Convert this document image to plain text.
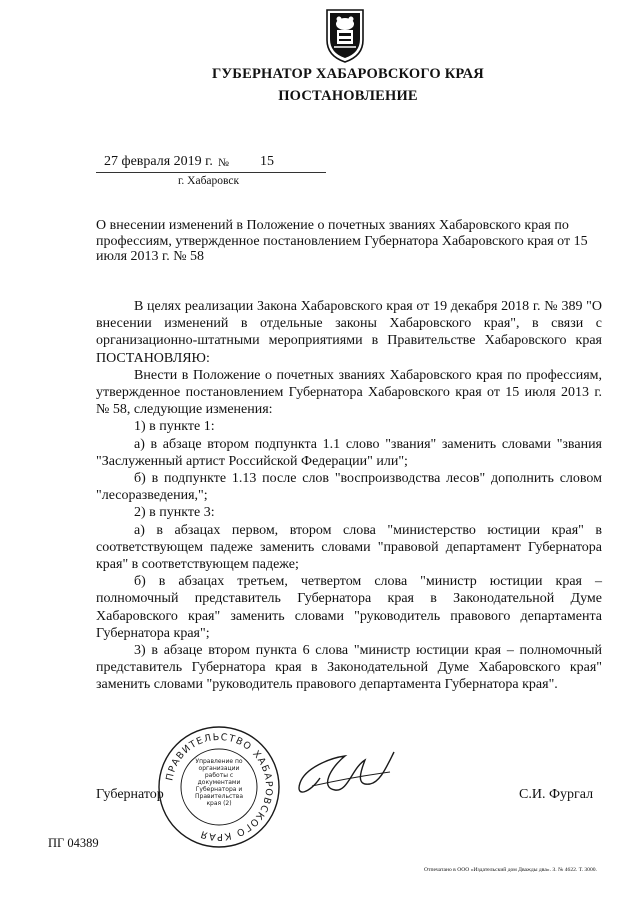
ГУБЕРНАТОР ХАБАРОВСКОГО КРАЯ
ПОСТАНОВЛЕНИЕ
27 февраля 2019 г. № 15
г. Хабаровск
О внесении изменений в Положение о почетных званиях Хабаровского края по профессиям, утвержденное постановлением Губернатора Хабаровского края от 15 июля 2013 г. № 58

В целях реализации Закона Хабаровского края от 19 декабря 2018 г. № 389 "О внесении изменений в отдельные законы Хабаровского края", в связи с организационно-штатными мероприятиями в Правительстве Хабаровского края ПОСТАНОВЛЯЮ:

Внести в Положение о почетных званиях Хабаровского края по профессиям, утвержденное постановлением Губернатора Хабаровского края от 15 июля 2013 г. № 58, следующие изменения:

1) в пункте 1:

а) в абзаце втором подпункта 1.1 слово "звания" заменить словами "звания "Заслуженный артист Российской Федерации" или";

б) в подпункте 1.13 после слов "воспроизводства лесов" дополнить словом "лесоразведения,";

2) в пункте 3:

а) в абзацах первом, втором слова "министерство юстиции края" в соответствующем падеже заменить словами "правовой департамент Губернатора края" в соответствующем падеже;

б) в абзацах третьем, четвертом слова "министр юстиции края – полномочный представитель Губернатора края в Законодательной Думе Хабаровского края" заменить словами "руководитель правового департамента Губернатора края";

3) в абзаце втором пункта 6 слова "министр юстиции края – полномочный представитель Губернатора края в Законодательной Думе Хабаровского края" заменить словами "руководитель правового департамента Губернатора края".

Губернатор
ПРАВИТЕЛЬСТВО ХАБАРОВСКОГО КРАЯ
Управление по организации работы с документами Губернатора и Правительства края (2)
С.И. Фургал
ПГ 04389
Отпечатано в ООО «Издательский дом Дважды два». З. № 4622. Т. 3000.
